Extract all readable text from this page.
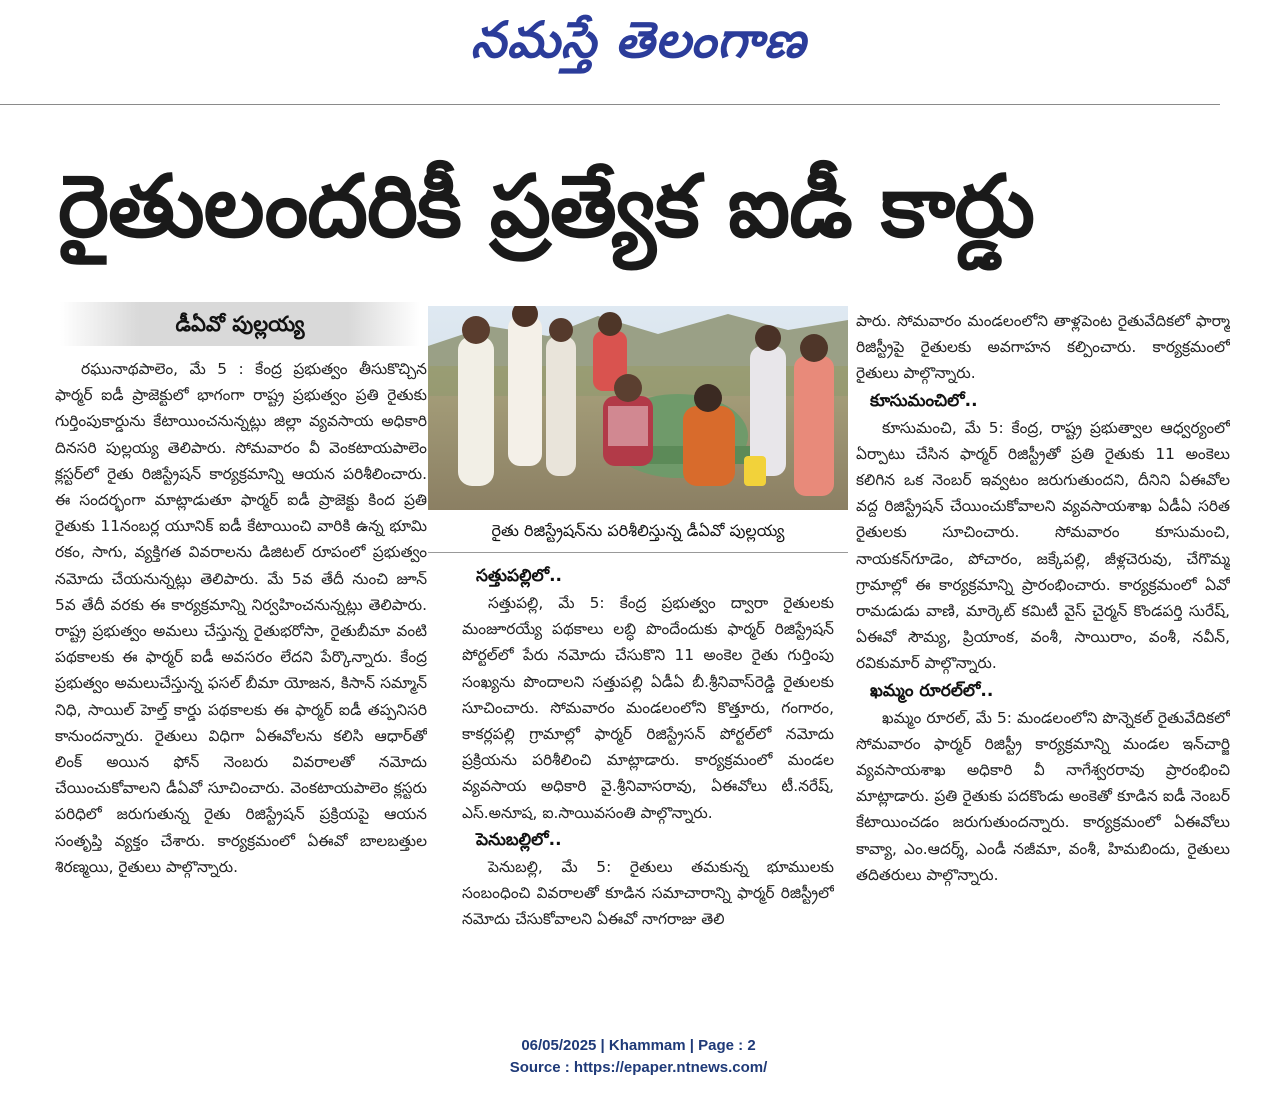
నమస్తే తెలంగాణ
రైతులందరికీ ప్రత్యేక ఐడీ కార్డు
డీఏవో పుల్లయ్య

రఘునాథపాలెం, మే 5 : కేంద్ర ప్రభుత్వం తీసుకొచ్చిన ఫార్మర్ ఐడీ ప్రాజెక్టులో భాగంగా రాష్ట్ర ప్రభుత్వం ప్రతి రైతుకు గుర్తింపుకార్డును కేటాయించనున్నట్లు జిల్లా వ్యవసాయ అధికారి దినసరి పుల్లయ్య తెలిపారు. సోమవారం వీ వెంకటాయపాలెం క్లస్టర్‌లో రైతు రిజిస్ట్రేషన్ కార్యక్రమాన్ని ఆయన పరిశీలించారు. ఈ సందర్భంగా మాట్లాడుతూ ఫార్మర్ ఐడీ ప్రాజెక్టు కింద ప్రతి రైతుకు 11నంబర్ల యూనిక్ ఐడీ కేటాయించి వారికి ఉన్న భూమి రకం, సాగు, వ్యక్తిగత వివరాలను డిజిటల్ రూపంలో ప్రభుత్వం నమోదు చేయనున్నట్లు తెలిపారు. మే 5వ తేదీ నుంచి జూన్ 5వ తేదీ వరకు ఈ కార్యక్రమాన్ని నిర్వహించనున్నట్లు తెలిపారు. రాష్ట్ర ప్రభుత్వం అమలు చేస్తున్న రైతుభరోసా, రైతుబీమా వంటి పథకాలకు ఈ ఫార్మర్ ఐడీ అవసరం లేదని పేర్కొన్నారు. కేంద్ర ప్రభుత్వం అమలుచేస్తున్న ఫసల్ బీమా యోజన, కిసాన్ సమ్మాన్ నిధి, సాయిల్ హెల్త్ కార్డు పథకాలకు ఈ ఫార్మర్ ఐడీ తప్పనిసరి కానుందన్నారు. రైతులు విధిగా ఏఈవోలను కలిసి ఆధార్‌తో లింక్ అయిన ఫోన్ నెంబరు వివరాలతో నమోదు చేయించుకోవాలని డీఏవో సూచించారు. వెంకటాయపాలెం క్లస్టరు పరిధిలో జరుగుతున్న రైతు రిజిస్ట్రేషన్ ప్రక్రియపై ఆయన సంతృప్తి వ్యక్తం చేశారు. కార్యక్రమంలో ఏఈవో బాలబత్తుల శిరణ్మయి, రైతులు పాల్గొన్నారు.

రైతు రిజిస్ట్రేషన్‌ను పరిశీలిస్తున్న డీఏవో పుల్లయ్య
సత్తుపల్లిలో..

సత్తుపల్లి, మే 5: కేంద్ర ప్రభుత్వం ద్వారా రైతులకు మంజూరయ్యే పథకాలు లబ్ధి పొందేందుకు ఫార్మర్ రిజిస్ట్రేషన్ పోర్టల్‌లో పేరు నమోదు చేసుకొని 11 అంకెల రైతు గుర్తింపు సంఖ్యను పొందాలని సత్తుపల్లి ఏడీఏ బీ.శ్రీనివాస్‌రెడ్డి రైతులకు సూచించారు. సోమవారం మండలంలోని కొత్తూరు, గంగారం, కాకర్లపల్లి గ్రామాల్లో ఫార్మర్ రిజిస్ట్రేసన్ పోర్టల్‌లో నమోదు ప్రక్రియను పరిశీలించి మాట్లాడారు. కార్యక్రమంలో మండల వ్యవసాయ అధికారి వై.శ్రీనివాసరావు, ఏఈవోలు టీ.నరేష్, ఎస్.అనూష, ఐ.సాయివసంతి పాల్గొన్నారు.

పెనుబల్లిలో..

పెనుబల్లి, మే 5: రైతులు తమకున్న భూములకు సంబంధించి వివరాలతో కూడిన సమాచారాన్ని ఫార్మర్ రిజిస్ట్రీలో నమోదు చేసుకోవాలని ఏఈవో నాగరాజు తెలి

పారు. సోమవారం మండలంలోని తాళ్లపెంట రైతువేదికలో ఫార్మా రిజిస్ట్రీపై రైతులకు అవగాహన కల్పించారు. కార్యక్రమంలో రైతులు పాల్గొన్నారు.

కూసుమంచిలో..

కూసుమంచి, మే 5: కేంద్ర, రాష్ట్ర ప్రభుత్వాల ఆధ్వర్యంలో ఏర్పాటు చేసిన ఫార్మర్ రిజిస్ట్రీతో ప్రతి రైతుకు 11 అంకెలు కలిగిన ఒక నెంబర్ ఇవ్వటం జరుగుతుందని, దీనిని ఏఈవోల వద్ద రిజిస్ట్రేషన్ చేయించుకోవాలని వ్యవసాయశాఖ ఏడీఏ సరిత రైతులకు సూచించారు. సోమవారం కూసుమంచి, నాయకన్‌గూడెం, పోచారం, జక్కేపల్లి, జీళ్లచెరువు, చేగొమ్మ గ్రామాల్లో ఈ కార్యక్రమాన్ని ప్రారంభించారు. కార్యక్రమంలో ఏవో రామడుడు వాణి, మార్కెట్ కమిటీ వైస్ చైర్మన్ కొండపర్తి సురేష్, ఏఈవో సౌమ్య, ప్రియాంక, వంశీ, సాయిరాం, వంశీ, నవీన్, రవికుమార్ పాల్గొన్నారు.

ఖమ్మం రూరల్‌లో..

ఖమ్మం రూరల్, మే 5: మండలంలోని పొన్నెకల్ రైతువేదికలో సోమవారం ఫార్మర్ రిజిస్ట్రీ కార్యక్రమాన్ని మండల ఇన్‌చార్జి వ్యవసాయశాఖ అధికారి వీ నాగేశ్వరరావు ప్రారంభించి మాట్లాడారు. ప్రతి రైతుకు పదకొండు అంకెతో కూడిన ఐడీ నెంబర్ కేటాయించడం జరుగుతుందన్నారు. కార్యక్రమంలో ఏఈవోలు కావ్యా, ఎం.ఆదర్శ్, ఎండీ నజీమా, వంశీ, హిమబిందు, రైతులు తదితరులు పాల్గొన్నారు.

06/05/2025 | Khammam | Page : 2
Source : https://epaper.ntnews.com/
